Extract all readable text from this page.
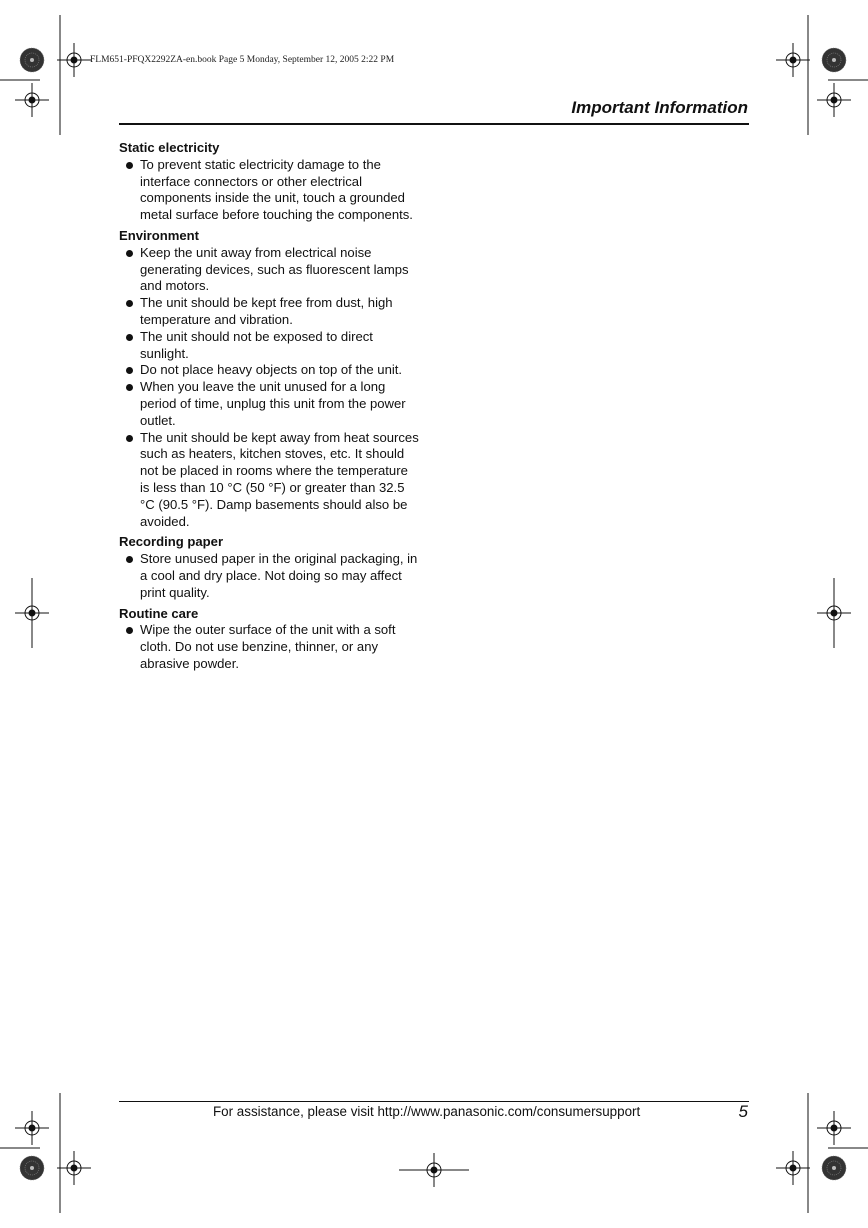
FLM651-PFQX2292ZA-en.book Page 5 Monday, September 12, 2005 2:22 PM
Important Information

Static electricity

To prevent static electricity damage to the interface connectors or other electrical components inside the unit, touch a grounded metal surface before touching the components.

Environment

Keep the unit away from electrical noise generating devices, such as fluorescent lamps and motors.
The unit should be kept free from dust, high temperature and vibration.
The unit should not be exposed to direct sunlight.
Do not place heavy objects on top of the unit.
When you leave the unit unused for a long period of time, unplug this unit from the power outlet.
The unit should be kept away from heat sources such as heaters, kitchen stoves, etc. It should not be placed in rooms where the temperature is less than 10 °C (50 °F) or greater than 32.5 °C (90.5 °F). Damp basements should also be avoided.

Recording paper

Store unused paper in the original packaging, in a cool and dry place. Not doing so may affect print quality.

Routine care

Wipe the outer surface of the unit with a soft cloth. Do not use benzine, thinner, or any abrasive powder.
For assistance, please visit http://www.panasonic.com/consumersupport	5
